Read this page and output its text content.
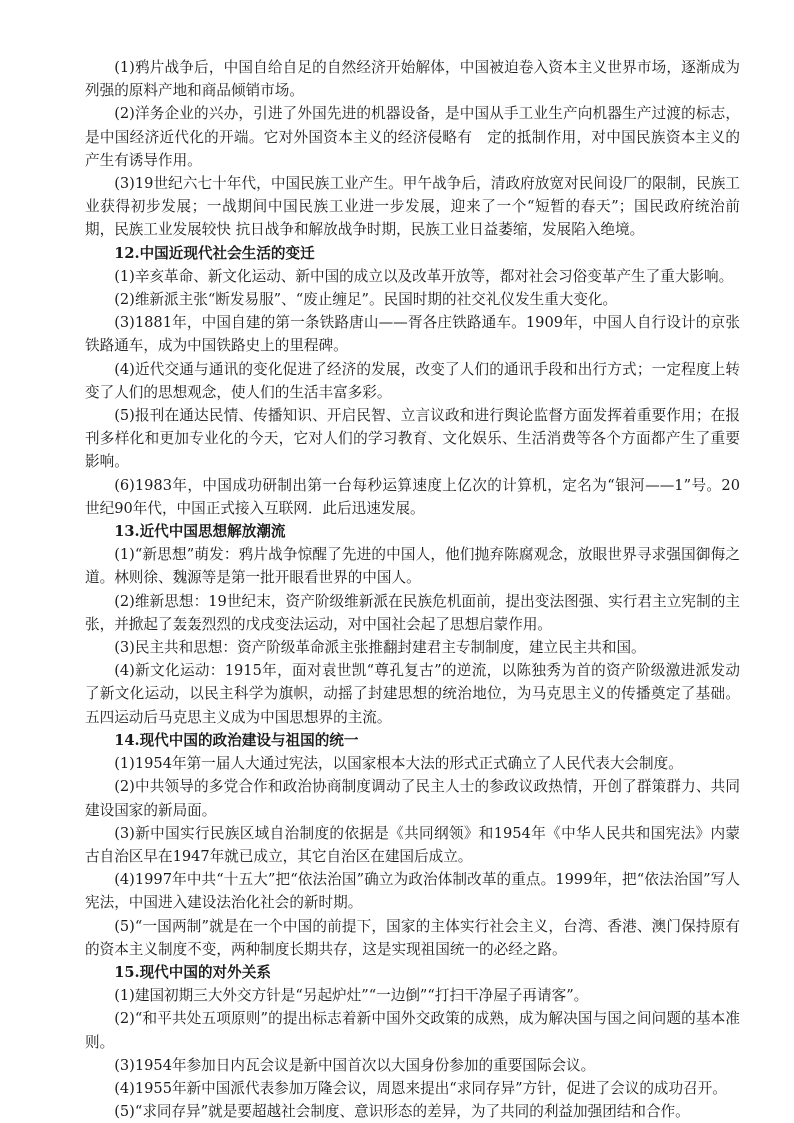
(1)鸦片战争后，中国自给自足的自然经济开始解体，中国被迫卷入资本主义世界市场，逐渐成为列强的原料产地和商品倾销市场。

(2)洋务企业的兴办，引进了外国先进的机器设备，是中国从手工业生产向机器生产过渡的标志，是中国经济近代化的开端。它对外国资本主义的经济侵略有　定的抵制作用，对中国民族资本主义的产生有诱导作用。

(3)19世纪六七十年代，中国民族工业产生。甲午战争后，清政府放宽对民间设厂的限制，民族工业获得初步发展；一战期间中国民族工业进一步发展，迎来了一个“短暂的春天”；国民政府统治前期，民族工业发展较快 抗日战争和解放战争时期，民族工业日益萎缩，发展陷入绝境。

12.中国近现代社会生活的变迁

(1)辛亥革命、新文化运动、新中国的成立以及改革开放等，都对社会习俗变革产生了重大影响。

(2)维新派主张“断发易服”、“废止缠足”。民国时期的社交礼仪发生重大变化。

(3)1881年，中国自建的第一条铁路唐山——胥各庄铁路通车。1909年，中国人自行设计的京张铁路通车，成为中国铁路史上的里程碑。

(4)近代交通与通讯的变化促进了经济的发展，改变了人们的通讯手段和出行方式；一定程度上转变了人们的思想观念，使人们的生活丰富多彩。

(5)报刊在通达民情、传播知识、开启民智、立言议政和进行舆论监督方面发挥着重要作用；在报刊多样化和更加专业化的今天，它对人们的学习教育、文化娱乐、生活消费等各个方面都产生了重要影响。

(6)1983年，中国成功研制出第一台每秒运算速度上亿次的计算机，定名为“银河——1”号。20世纪90年代，中国正式接入互联网．此后迅速发展。

13.近代中国思想解放潮流

(1)“新思想”萌发：鸦片战争惊醒了先进的中国人，他们抛弃陈腐观念，放眼世界寻求强国御侮之道。林则徐、魏源等是第一批开眼看世界的中国人。

(2)维新思想：19世纪末，资产阶级维新派在民族危机面前，提出变法图强、实行君主立宪制的主张，并掀起了轰轰烈烈的戊戌变法运动，对中国社会起了思想启蒙作用。

(3)民主共和思想：资产阶级革命派主张推翻封建君主专制制度，建立民主共和国。

(4)新文化运动：1915年，面对袁世凯“尊孔复古”的逆流，以陈独秀为首的资产阶级激进派发动了新文化运动，以民主科学为旗帜，动摇了封建思想的统治地位，为马克思主义的传播奠定了基础。五四运动后马克思主义成为中国思想界的主流。

14.现代中国的政治建设与祖国的统一

(1)1954年第一届人大通过宪法，以国家根本大法的形式正式确立了人民代表大会制度。

(2)中共领导的多党合作和政治协商制度调动了民主人士的参政议政热情，开创了群策群力、共同建设国家的新局面。

(3)新中国实行民族区域自治制度的依据是《共同纲领》和1954年《中华人民共和国宪法》内蒙古自治区早在1947年就已成立，其它自治区在建国后成立。

(4)1997年中共“十五大”把“依法治国”确立为政治体制改革的重点。1999年，把“依法治国”写人宪法，中国进入建设法治化社会的新时期。

(5)“一国两制”就是在一个中国的前提下，国家的主体实行社会主义，台湾、香港、澳门保持原有的资本主义制度不变，两种制度长期共存，这是实现祖国统一的必经之路。

15.现代中国的对外关系

(1)建国初期三大外交方针是“另起炉灶”“一边倒”“打扫干净屋子再请客”。

(2)“和平共处五项原则”的提出标志着新中国外交政策的成熟，成为解决国与国之间问题的基本准则。

(3)1954年参加日内瓦会议是新中国首次以大国身份参加的重要国际会议。

(4)1955年新中国派代表参加万隆会议，周恩来提出“求同存异”方针，促进了会议的成功召开。

(5)“求同存异”就是要超越社会制度、意识形态的差异，为了共同的利益加强团结和合作。
